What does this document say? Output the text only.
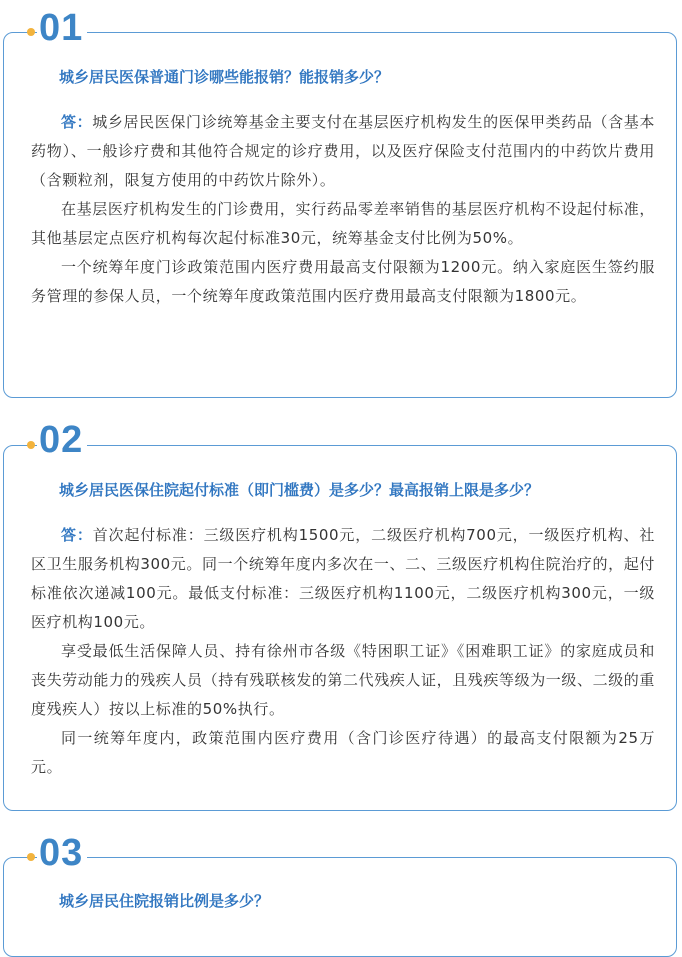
城乡居民医保普通门诊哪些能报销？能报销多少？

答：城乡居民医保门诊统筹基金主要支付在基层医疗机构发生的医保甲类药品（含基本药物）、一般诊疗费和其他符合规定的诊疗费用，以及医疗保险支付范围内的中药饮片费用（含颗粒剂，限复方使用的中药饮片除外）。

在基层医疗机构发生的门诊费用，实行药品零差率销售的基层医疗机构不设起付标准，其他基层定点医疗机构每次起付标准30元，统筹基金支付比例为50%。

一个统筹年度门诊政策范围内医疗费用最高支付限额为1200元。纳入家庭医生签约服务管理的参保人员，一个统筹年度政策范围内医疗费用最高支付限额为1800元。

01
城乡居民医保住院起付标准（即门槛费）是多少？最高报销上限是多少？

答：首次起付标准：三级医疗机构1500元，二级医疗机构700元，一级医疗机构、社区卫生服务机构300元。同一个统筹年度内多次在一、二、三级医疗机构住院治疗的，起付标准依次递减100元。最低支付标准：三级医疗机构1100元，二级医疗机构300元，一级医疗机构100元。

享受最低生活保障人员、持有徐州市各级《特困职工证》《困难职工证》的家庭成员和丧失劳动能力的残疾人员（持有残联核发的第二代残疾人证，且残疾等级为一级、二级的重度残疾人）按以上标准的50%执行。

同一统筹年度内，政策范围内医疗费用（含门诊医疗待遇）的最高支付限额为25万元。

02
城乡居民住院报销比例是多少？
03
